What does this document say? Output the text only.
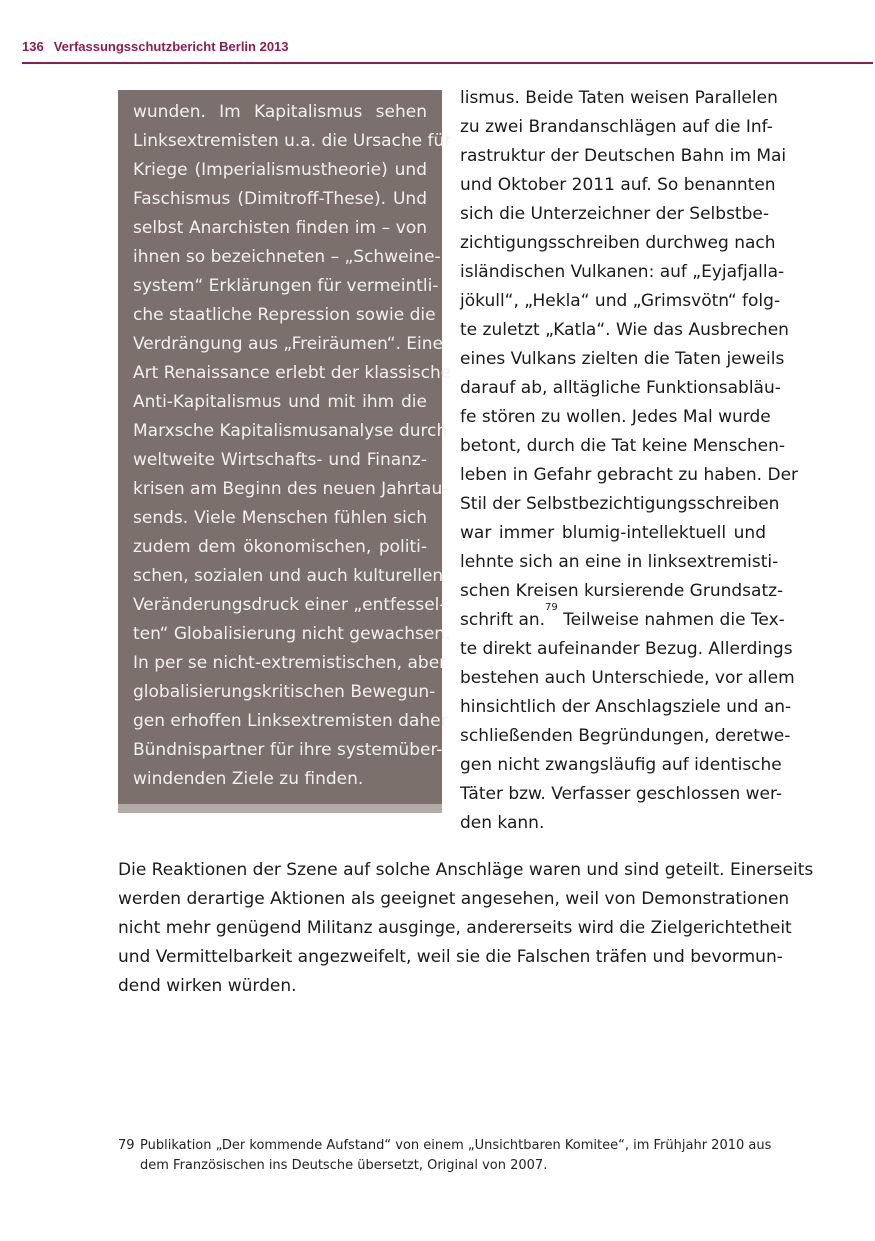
136 Verfassungsschutzbericht Berlin 2013
wunden. Im Kapitalismus sehen
Linksextremisten u.a. die Ursache für
Kriege (Imperialismustheorie) und
Faschismus (Dimitroff-These). Und
selbst Anarchisten finden im – von
ihnen so bezeichneten – „Schweine-
system“ Erklärungen für vermeintli-
che staatliche Repression sowie die
Verdrängung aus „Freiräumen“. Eine
Art Renaissance erlebt der klassische
Anti-Kapitalismus und mit ihm die
Marxsche Kapitalismusanalyse durch
weltweite Wirtschafts- und Finanz-
krisen am Beginn des neuen Jahrtau-
sends. Viele Menschen fühlen sich
zudem dem ökonomischen, politi-
schen, sozialen und auch kulturellen
Veränderungsdruck einer „entfessel-
ten“ Globalisierung nicht gewachsen.
In per se nicht-extremistischen, aber
globalisierungskritischen Bewegun-
gen erhoffen Linksextremisten daher
Bündnispartner für ihre systemüber-
windenden Ziele zu finden.
lismus. Beide Taten weisen Parallelen
zu zwei Brandanschlägen auf die Inf-
rastruktur der Deutschen Bahn im Mai
und Oktober 2011 auf. So benannten
sich die Unterzeichner der Selbstbe-
zichtigungsschreiben durchweg nach
isländischen Vulkanen: auf „Eyjafjalla-
jökull“, „Hekla“ und „Grimsvötn“ folg-
te zuletzt „Katla“. Wie das Ausbrechen
eines Vulkans zielten die Taten jeweils
darauf ab, alltägliche Funktionsabläu-
fe stören zu wollen. Jedes Mal wurde
betont, durch die Tat keine Menschen-
leben in Gefahr gebracht zu haben. Der
Stil der Selbstbezichtigungsschreiben
war immer blumig-intellektuell und
lehnte sich an eine in linksextremisti-
schen Kreisen kursierende Grundsatz-
schrift an.$^{79}$ Teilweise nahmen die Tex-
te direkt aufeinander Bezug. Allerdings
bestehen auch Unterschiede, vor allem
hinsichtlich der Anschlagsziele und an-
schließenden Begründungen, deretwe-
gen nicht zwangsläufig auf identische
Täter bzw. Verfasser geschlossen wer-
den kann.
Die Reaktionen der Szene auf solche Anschläge waren und sind geteilt. Einerseits
werden derartige Aktionen als geeignet angesehen, weil von Demonstrationen
nicht mehr genügend Militanz ausginge, andererseits wird die Zielgerichtetheit
und Vermittelbarkeit angezweifelt, weil sie die Falschen träfen und bevormun-
dend wirken würden.
79 Publikation „Der kommende Aufstand“ von einem „Unsichtbaren Komitee“, im Frühjahr 2010 aus dem Französischen ins Deutsche übersetzt, Original von 2007.
